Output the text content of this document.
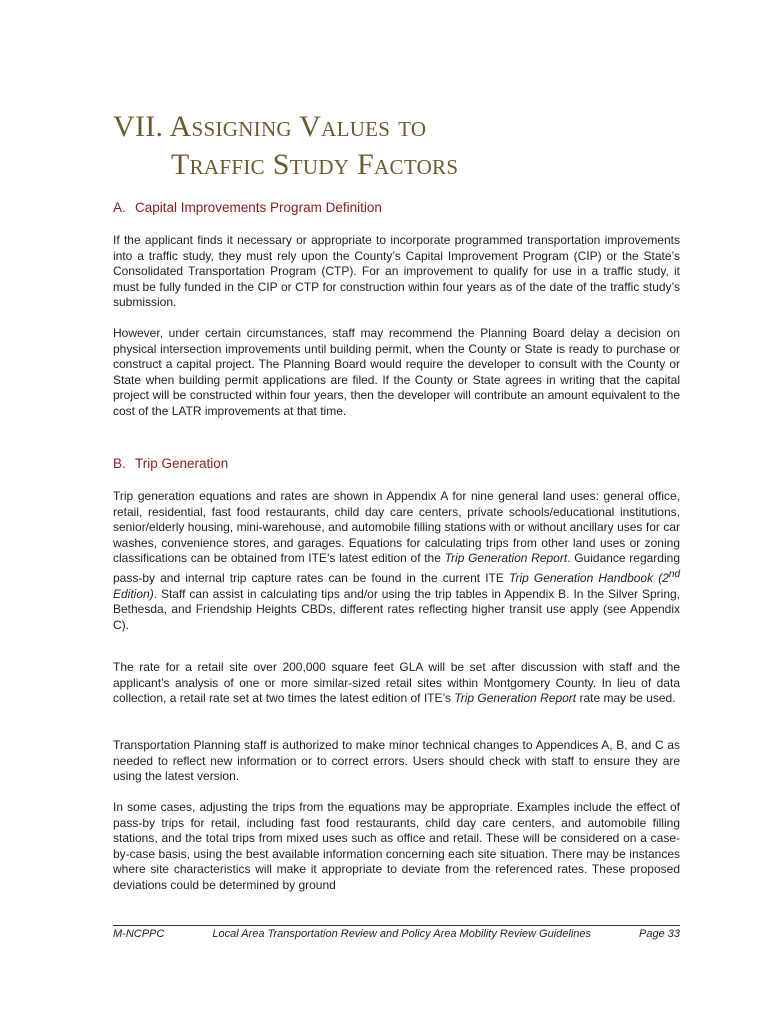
VII. Assigning Values to
Traffic Study Factors
A. Capital Improvements Program Definition

If the applicant finds it necessary or appropriate to incorporate programmed transportation improvements into a traffic study, they must rely upon the County’s Capital Improvement Program (CIP) or the State’s Consolidated Transportation Program (CTP). For an improvement to qualify for use in a traffic study, it must be fully funded in the CIP or CTP for construction within four years as of the date of the traffic study’s submission.

However, under certain circumstances, staff may recommend the Planning Board delay a decision on physical intersection improvements until building permit, when the County or State is ready to purchase or construct a capital project. The Planning Board would require the developer to consult with the County or State when building permit applications are filed. If the County or State agrees in writing that the capital project will be constructed within four years, then the developer will contribute an amount equivalent to the cost of the LATR improvements at that time.

B. Trip Generation

Trip generation equations and rates are shown in Appendix A for nine general land uses: general office, retail, residential, fast food restaurants, child day care centers, private schools/educational institutions, senior/elderly housing, mini-warehouse, and automobile filling stations with or without ancillary uses for car washes, convenience stores, and garages. Equations for calculating trips from other land uses or zoning classifications can be obtained from ITE’s latest edition of the Trip Generation Report. Guidance regarding pass-by and internal trip capture rates can be found in the current ITE Trip Generation Handbook (2nd Edition). Staff can assist in calculating tips and/or using the trip tables in Appendix B. In the Silver Spring, Bethesda, and Friendship Heights CBDs, different rates reflecting higher transit use apply (see Appendix C).

The rate for a retail site over 200,000 square feet GLA will be set after discussion with staff and the applicant’s analysis of one or more similar-sized retail sites within Montgomery County. In lieu of data collection, a retail rate set at two times the latest edition of ITE’s Trip Generation Report rate may be used.

Transportation Planning staff is authorized to make minor technical changes to Appendices A, B, and C as needed to reflect new information or to correct errors. Users should check with staff to ensure they are using the latest version.

In some cases, adjusting the trips from the equations may be appropriate. Examples include the effect of pass-by trips for retail, including fast food restaurants, child day care centers, and automobile filling stations, and the total trips from mixed uses such as office and retail. These will be considered on a case-by-case basis, using the best available information concerning each site situation. There may be instances where site characteristics will make it appropriate to deviate from the referenced rates. These proposed deviations could be determined by ground

M-NCPPC	Local Area Transportation Review and Policy Area Mobility Review Guidelines	Page 33
